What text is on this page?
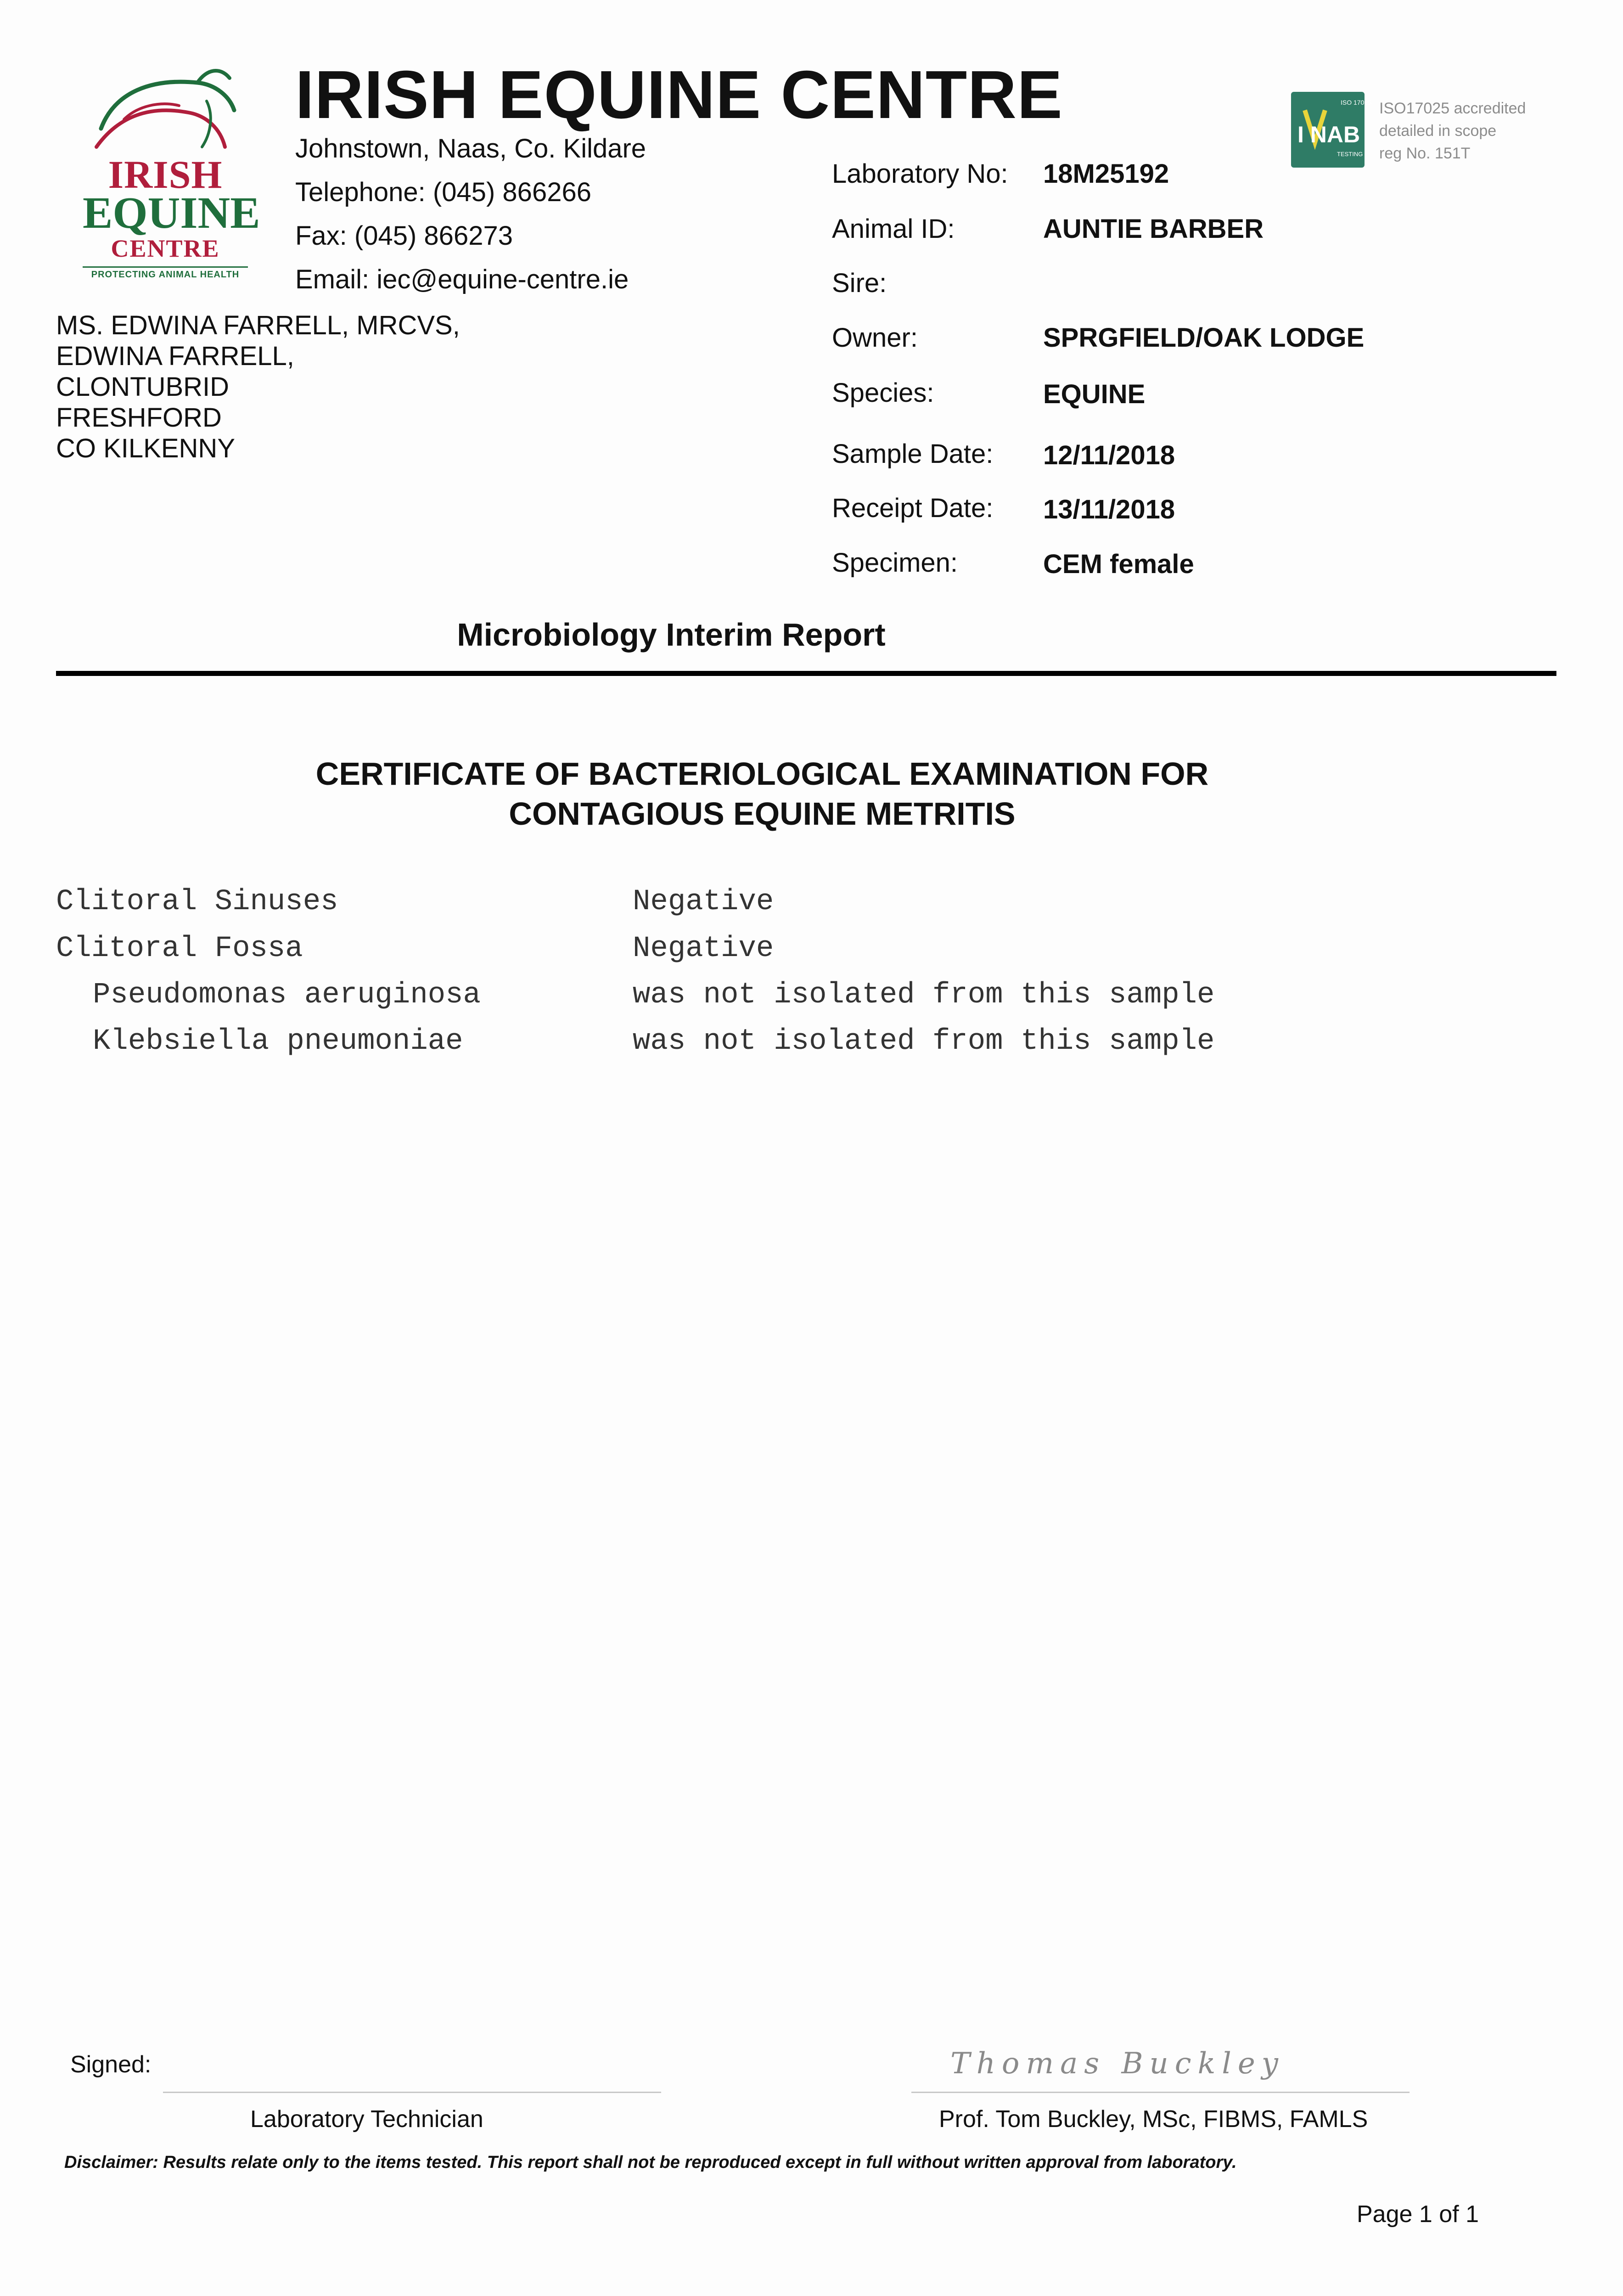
IRISH
EQUINE
CENTRE
PROTECTING ANIMAL HEALTH
IRISH EQUINE CENTRE
Johnstown, Naas, Co. Kildare
Telephone: (045) 866266
Fax: (045) 866273
Email: iec@equine-centre.ie
ISO 17025
I NAB
TESTING
ISO17025 accredited
detailed in scope
reg No. 151T
MS. EDWINA FARRELL, MRCVS,
EDWINA FARRELL,
CLONTUBRID
FRESHFORD
CO KILKENNY
Laboratory No: 18M25192
Animal ID:	AUNTIE BARBER
Sire:
Owner:	SPRGFIELD/OAK LODGE
Species:	EQUINE
Sample Date: 12/11/2018
Receipt Date: 13/11/2018
Specimen:	CEM female
Microbiology Interim Report
CERTIFICATE OF BACTERIOLOGICAL EXAMINATION FOR
CONTAGIOUS EQUINE METRITIS
Clitoral Sinuses	Negative
Clitoral Fossa	Negative
Pseudomonas aeruginosa	was not isolated from this sample
Klebsiella pneumoniae	was not isolated from this sample
Signed:
Laboratory Technician
Thomas Buckley
Prof. Tom Buckley, MSc, FIBMS, FAMLS
Disclaimer: Results relate only to the items tested. This report shall not be reproduced except in full without written approval from laboratory.
Page 1 of 1
